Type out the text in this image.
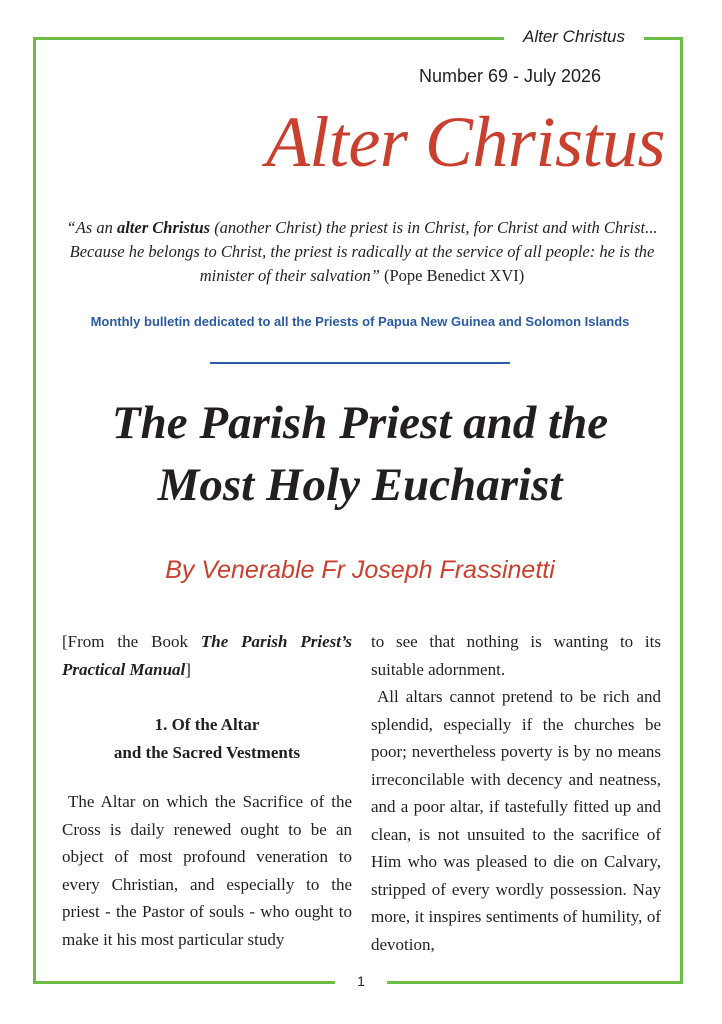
Alter Christus
Number 69 - July 2026
Alter Christus
“As an alter Christus (another Christ) the priest is in Christ, for Christ and with Christ... Because he belongs to Christ, the priest is radically at the service of all people: he is the minister of their salvation” (Pope Benedict XVI)
Monthly bulletin dedicated to all the Priests of Papua New Guinea and Solomon Islands
The Parish Priest and the
Most Holy Eucharist
By Venerable Fr Joseph Frassinetti

[From the Book The Parish Priest’s Practical Manual]

1. Of the Altar
and the Sacred Vestments

The Altar on which the Sacrifice of the Cross is daily renewed ought to be an object of most profound veneration to every Christian, and especially to the priest - the Pastor of souls - who ought to make it his most particular study

to see that nothing is wanting to its suitable adornment.

All altars cannot pretend to be rich and splendid, especially if the churches be poor; nevertheless poverty is by no means irreconcilable with decency and neatness, and a poor altar, if tastefully fitted up and clean, is not unsuited to the sacrifice of Him who was pleased to die on Calvary, stripped of every wordly possession. Nay more, it inspires sentiments of humility, of devotion,

1
